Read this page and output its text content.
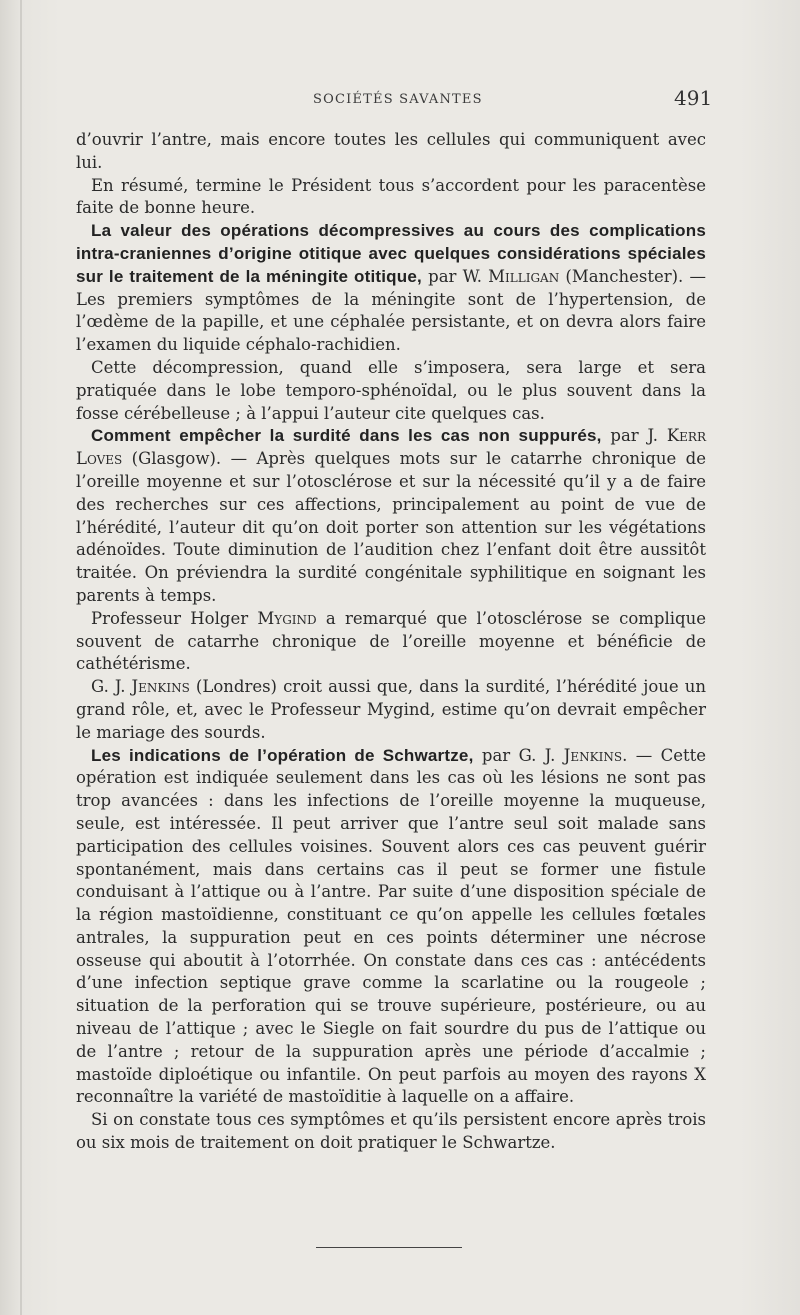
SOCIÉTÉS SAVANTES	491

d’ouvrir l’antre, mais encore toutes les cellules qui communiquent avec lui.

En résumé, termine le Président tous s’accordent pour les paracentèse faite de bonne heure.

La valeur des opérations décompressives au cours des complications intra-craniennes d’origine otitique avec quelques considérations spéciales sur le traitement de la méningite otitique, par W. Milligan (Manchester). — Les premiers symptômes de la méningite sont de l’hypertension, de l’œdème de la papille, et une céphalée persistante, et on devra alors faire l’examen du liquide céphalo-rachidien.

Cette décompression, quand elle s’imposera, sera large et sera pratiquée dans le lobe temporo-sphénoïdal, ou le plus souvent dans la fosse cérébelleuse ; à l’appui l’auteur cite quelques cas.

Comment empêcher la surdité dans les cas non suppurés, par J. Kerr Loves (Glasgow). — Après quelques mots sur le catarrhe chronique de l’oreille moyenne et sur l’otosclérose et sur la nécessité qu’il y a de faire des recherches sur ces affections, principalement au point de vue de l’hérédité, l’auteur dit qu’on doit porter son attention sur les végétations adénoïdes. Toute diminution de l’audition chez l’enfant doit être aussitôt traitée. On préviendra la surdité congénitale syphilitique en soignant les parents à temps.

Professeur Holger Mygind a remarqué que l’otosclérose se complique souvent de catarrhe chronique de l’oreille moyenne et bénéficie de cathétérisme.

G. J. Jenkins (Londres) croit aussi que, dans la surdité, l’hérédité joue un grand rôle, et, avec le Professeur Mygind, estime qu’on devrait empêcher le mariage des sourds.

Les indications de l’opération de Schwartze, par G. J. Jenkins. — Cette opération est indiquée seulement dans les cas où les lésions ne sont pas trop avancées : dans les infections de l’oreille moyenne la muqueuse, seule, est intéressée. Il peut arriver que l’antre seul soit malade sans participation des cellules voisines. Souvent alors ces cas peuvent guérir spontanément, mais dans certains cas il peut se former une fistule conduisant à l’attique ou à l’antre. Par suite d’une disposition spéciale de la région mastoïdienne, constituant ce qu’on appelle les cellules fœtales antrales, la suppuration peut en ces points déterminer une nécrose osseuse qui aboutit à l’otorrhée. On constate dans ces cas : antécédents d’une infection septique grave comme la scarlatine ou la rougeole ; situation de la perforation qui se trouve supérieure, postérieure, ou au niveau de l’attique ; avec le Siegle on fait sourdre du pus de l’attique ou de l’antre ; retour de la suppuration après une période d’accalmie ; mastoïde diploétique ou infantile. On peut parfois au moyen des rayons X reconnaître la variété de mastoïditie à laquelle on a affaire.

Si on constate tous ces symptômes et qu’ils persistent encore après trois ou six mois de traitement on doit pratiquer le Schwartze.
